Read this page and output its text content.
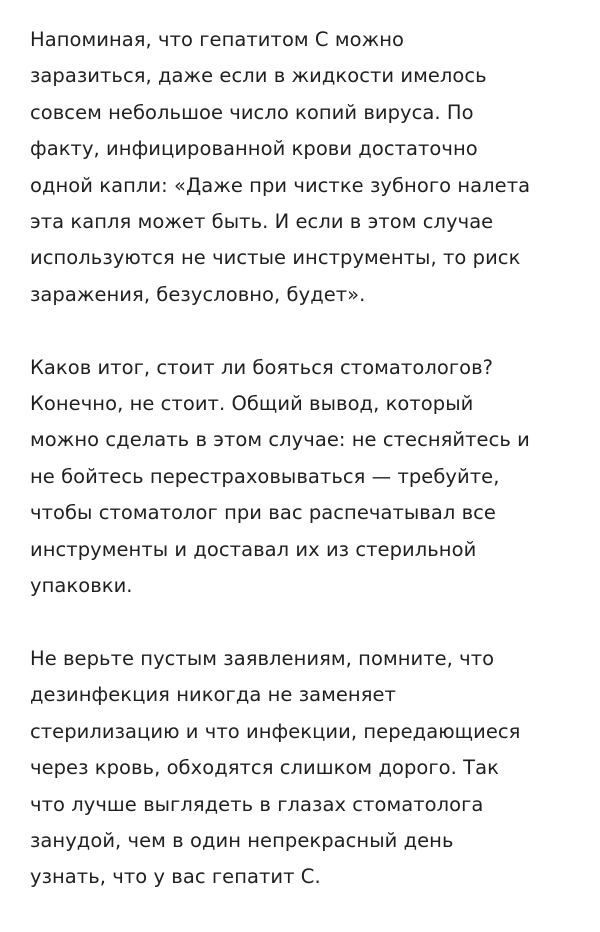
Напоминая, что гепатитом С можно
заразиться, даже если в жидкости имелось
совсем небольшое число копий вируса. По
факту, инфицированной крови достаточно
одной капли: «Даже при чистке зубного налета
эта капля может быть. И если в этом случае
используются не чистые инструменты, то риск
заражения, безусловно, будет».

Каков итог, стоит ли бояться стоматологов?
Конечно, не стоит. Общий вывод, который
можно сделать в этом случае: не стесняйтесь и
не бойтесь перестраховываться — требуйте,
чтобы стоматолог при вас распечатывал все
инструменты и доставал их из стерильной
упаковки.

Не верьте пустым заявлениям, помните, что
дезинфекция никогда не заменяет
стерилизацию и что инфекции, передающиеся
через кровь, обходятся слишком дорого. Так
что лучше выглядеть в глазах стоматолога
занудой, чем в один непрекрасный день
узнать, что у вас гепатит С.
